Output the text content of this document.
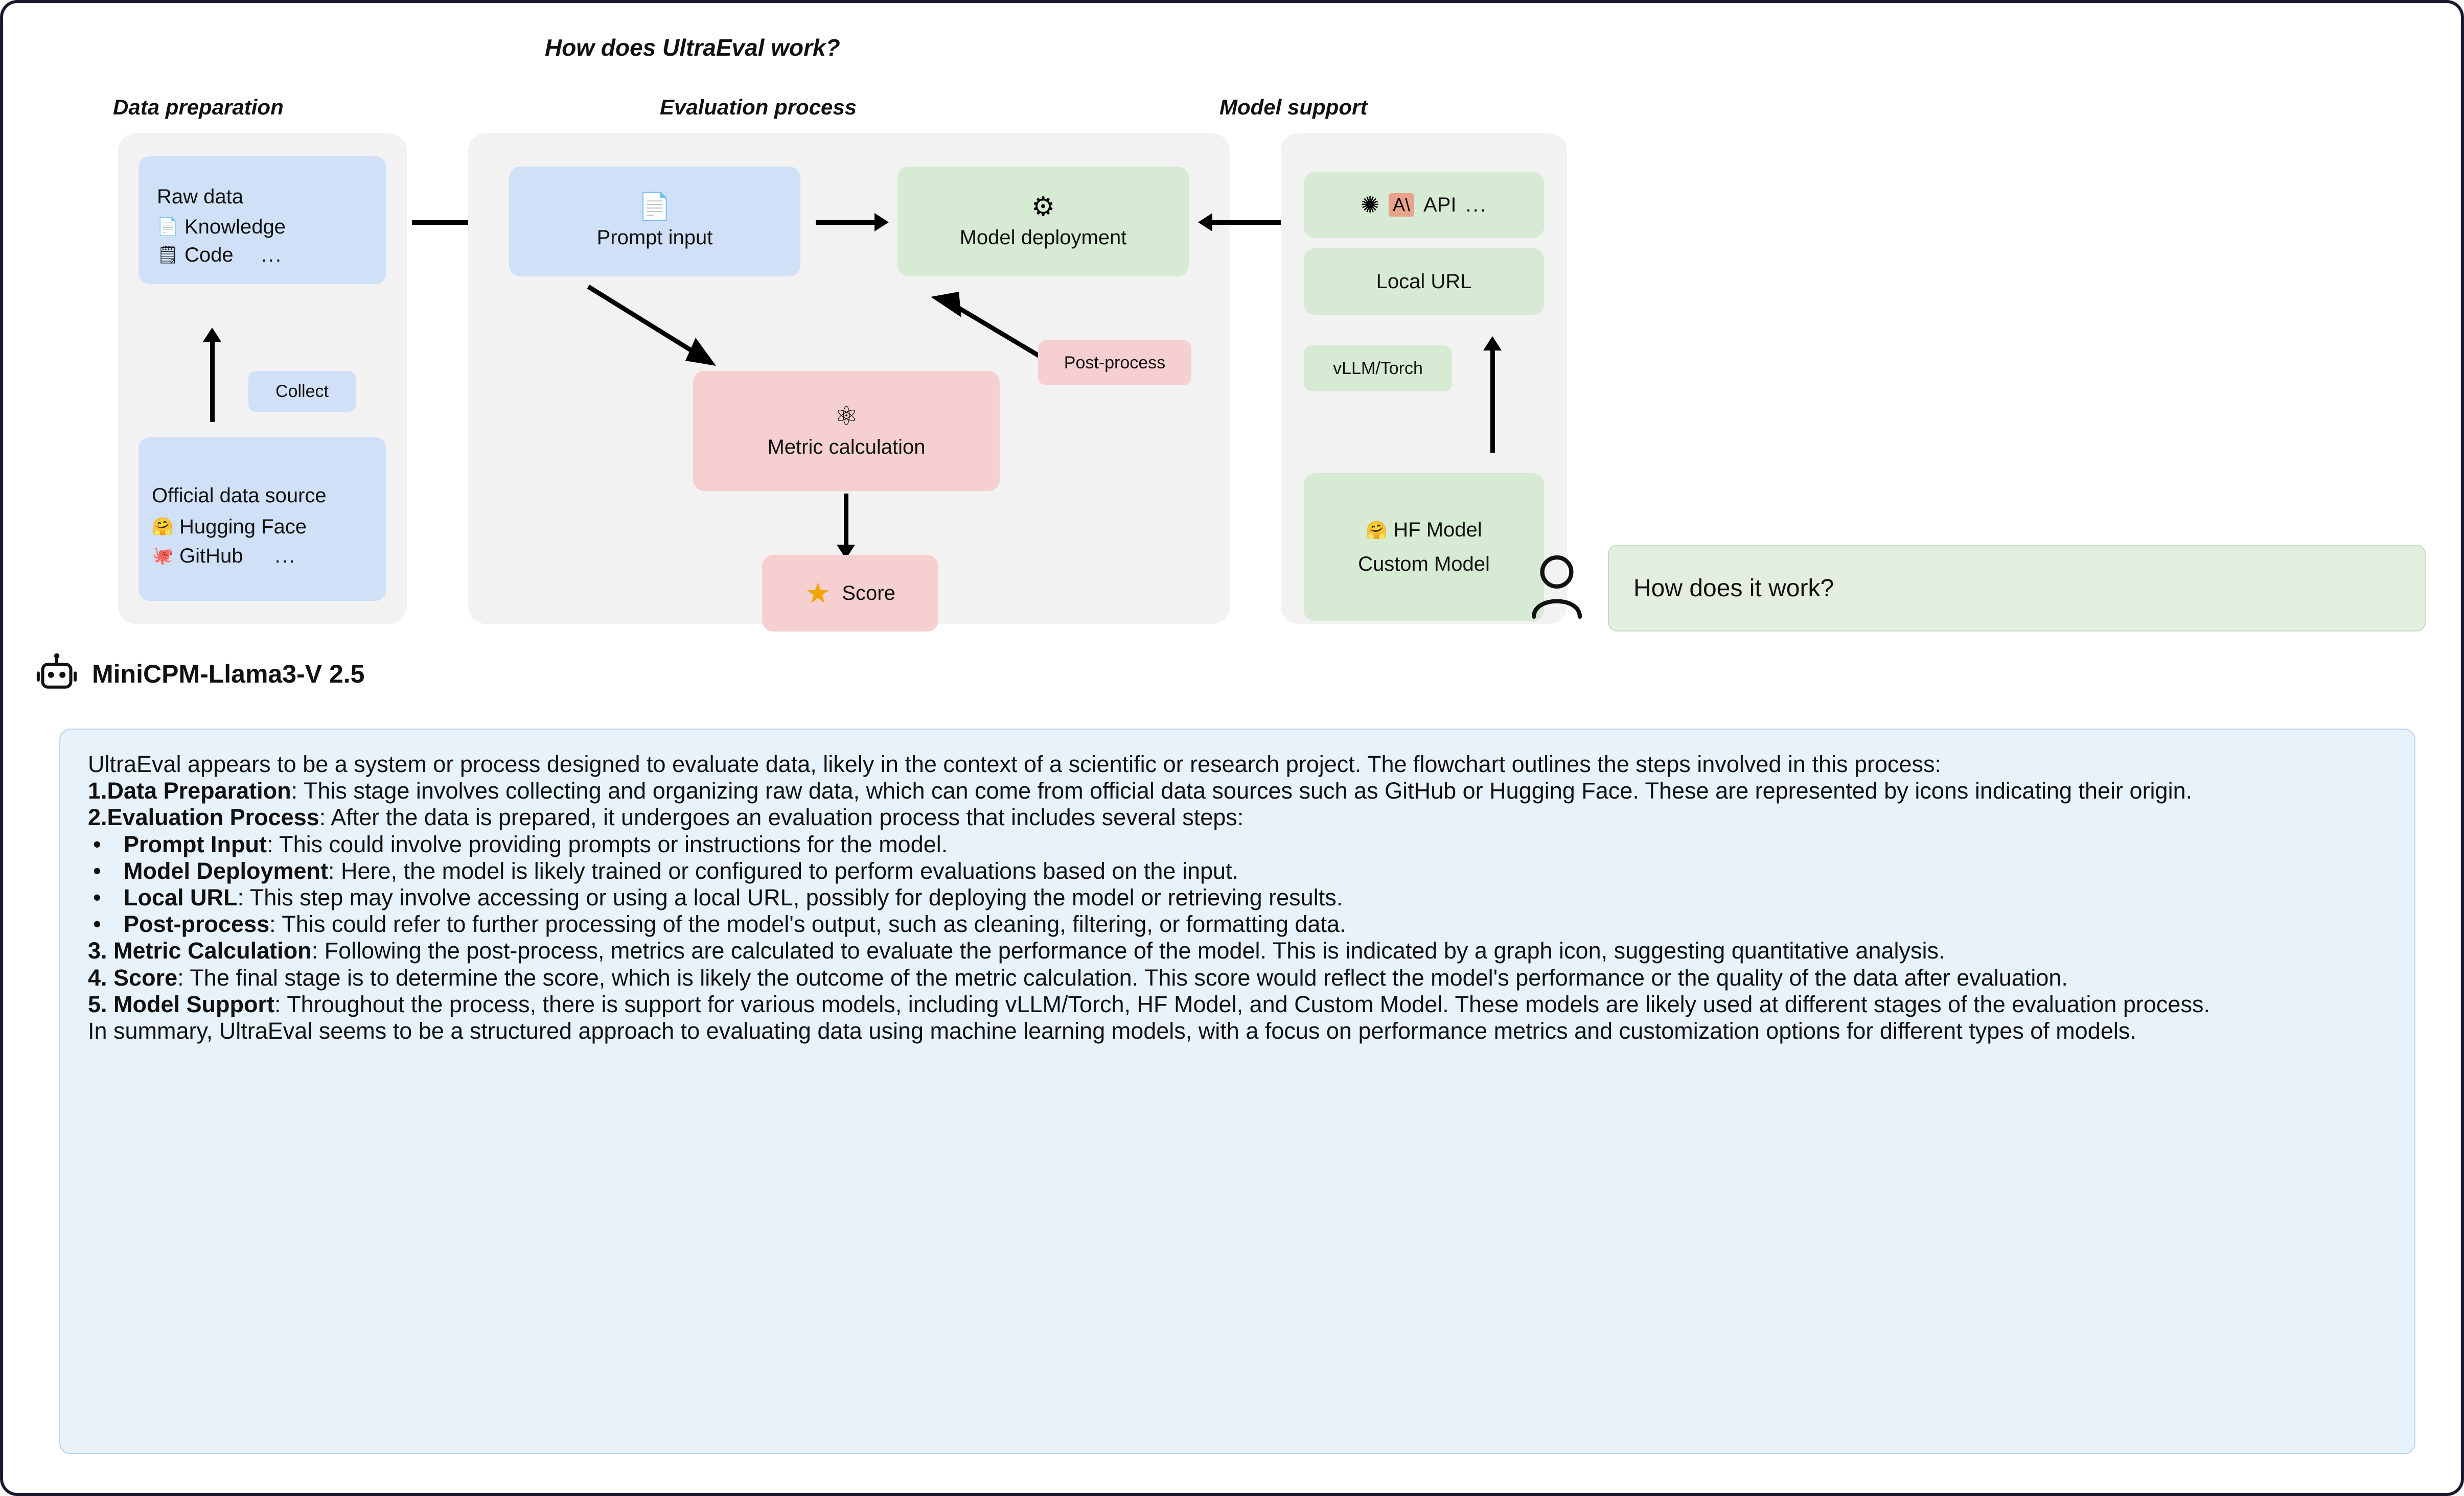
How does UltraEval work?
Data preparation	Evaluation process	Model support
Raw data
📄 Knowledge
🗒 Code ...
Collect
Official data source
🤗 Hugging Face
🐙 GitHub ...
📄
Prompt input
⚙
Model deployment
Post-process
⚛
Metric calculation
★ Score
✺ A\ API ...
Local URL
vLLM/Torch
🤗 HF Model
Custom Model
How does it work?
MiniCPM-Llama3-V 2.5

UltraEval appears to be a system or process designed to evaluate data, likely in the context of a scientific or research project. The flowchart outlines the steps involved in this process:

1.Data Preparation: This stage involves collecting and organizing raw data, which can come from official data sources such as GitHub or Hugging Face. These are represented by icons indicating their origin.

2.Evaluation Process: After the data is prepared, it undergoes an evaluation process that includes several steps:

• Prompt Input: This could involve providing prompts or instructions for the model.

• Model Deployment: Here, the model is likely trained or configured to perform evaluations based on the input.

• Local URL: This step may involve accessing or using a local URL, possibly for deploying the model or retrieving results.

• Post-process: This could refer to further processing of the model's output, such as cleaning, filtering, or formatting data.

3. Metric Calculation: Following the post-process, metrics are calculated to evaluate the performance of the model. This is indicated by a graph icon, suggesting quantitative analysis.

4. Score: The final stage is to determine the score, which is likely the outcome of the metric calculation. This score would reflect the model's performance or the quality of the data after evaluation.

5. Model Support: Throughout the process, there is support for various models, including vLLM/Torch, HF Model, and Custom Model. These models are likely used at different stages of the evaluation process.

In summary, UltraEval seems to be a structured approach to evaluating data using machine learning models, with a focus on performance metrics and customization options for different types of models.
